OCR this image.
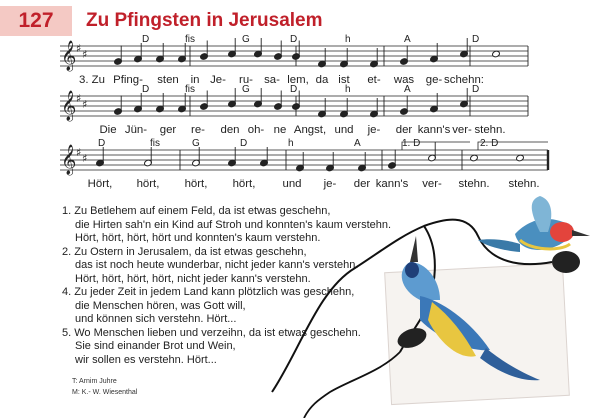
127	Zu Pfingsten in Jerusalem
𝄞 ♯ ♯
𝄞 ♯ ♯
𝄞 ♯ ♯
D	fis	G	D	h	A	D
D	fis	G	D	h	A	D
D	fis	G	D	h	A	1. D	2. D
3. Zu Pfing- sten in Je- ru- sa- lem, da ist et- was ge- schehn:
Die Jün- ger re- den oh- ne Angst, und je- der kann's ver- stehn.
Hört, hört, hört, hört, und je- der kann's ver- stehn. stehn.
1. Zu Betlehem auf einem Feld, da ist etwas geschehn,
die Hirten sah'n ein Kind auf Stroh und konnten's kaum verstehn.
Hört, hört, hört, hört und konnten's kaum verstehn.
2. Zu Ostern in Jerusalem, da ist etwas geschehn,
das ist noch heute wunderbar, nicht jeder kann's verstehn.
Hört, hört, hört, hört, nicht jeder kann's verstehn.
4. Zu jeder Zeit in jedem Land kann plötzlich was geschehn,
die Menschen hören, was Gott will,
und können sich verstehn. Hört...
5. Wo Menschen lieben und verzeihn, da ist etwas geschehn.
Sie sind einander Brot und Wein,
wir sollen es verstehn. Hört...
T: Arnim Juhre
M: K.- W. Wiesenthal
